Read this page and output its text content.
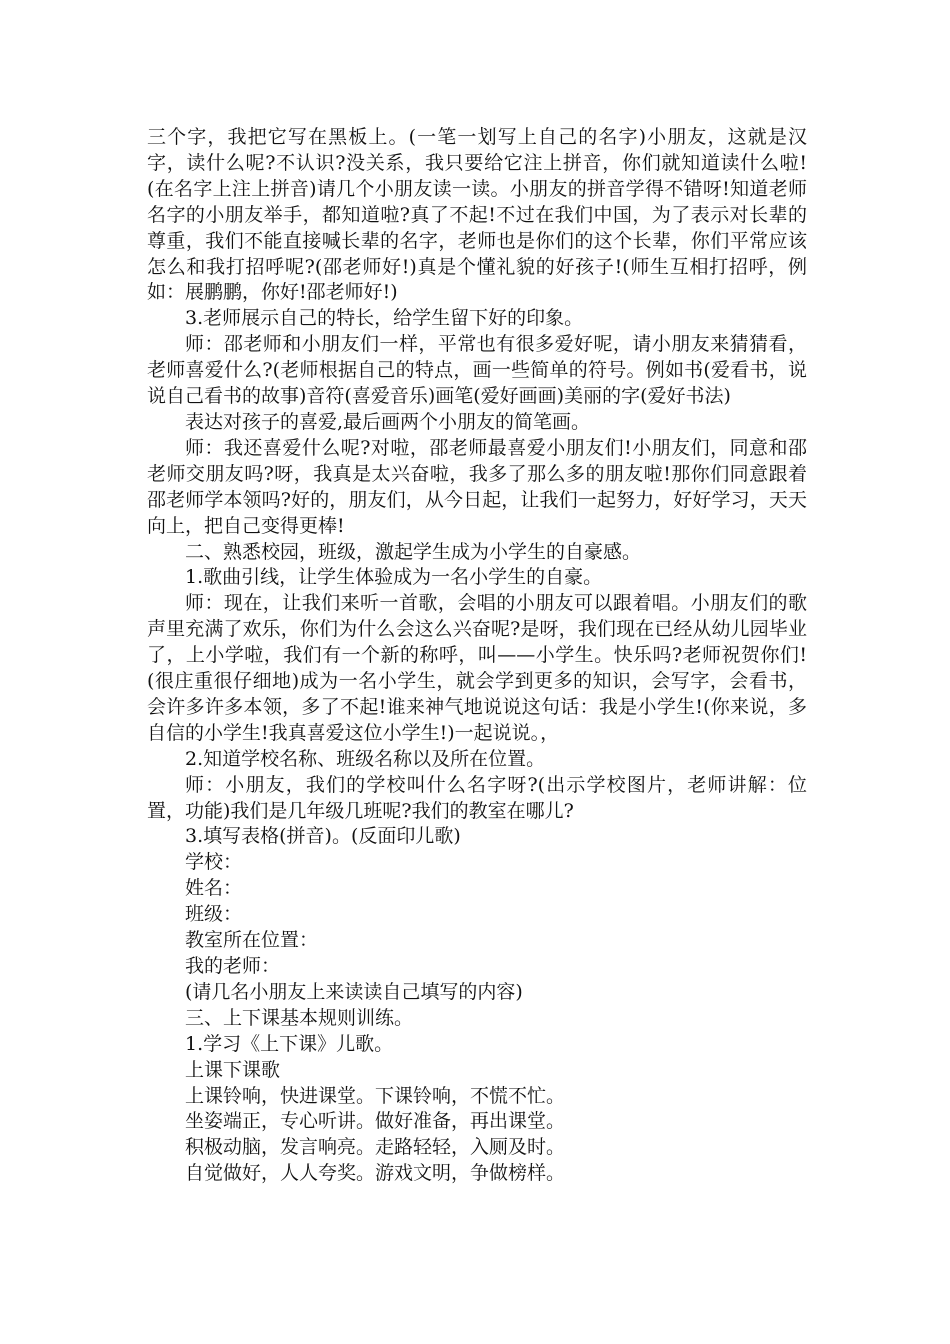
三个字，我把它写在黑板上。(一笔一划写上自己的名字)小朋友，这就是汉字，读什么呢?不认识?没关系，我只要给它注上拼音，你们就知道读什么啦!(在名字上注上拼音)请几个小朋友读一读。小朋友的拼音学得不错呀!知道老师名字的小朋友举手，都知道啦?真了不起!不过在我们中国，为了表示对长辈的尊重，我们不能直接喊长辈的名字，老师也是你们的这个长辈，你们平常应该怎么和我打招呼呢?(邵老师好!)真是个懂礼貌的好孩子!(师生互相打招呼，例如：展鹏鹏，你好!邵老师好!)

3.老师展示自己的特长，给学生留下好的印象。

师：邵老师和小朋友们一样，平常也有很多爱好呢，请小朋友来猜猜看，老师喜爱什么?(老师根据自己的特点，画一些简单的符号。例如书(爱看书，说说自己看书的故事)音符(喜爱音乐)画笔(爱好画画)美丽的字(爱好书法)

表达对孩子的喜爱,最后画两个小朋友的简笔画。

师：我还喜爱什么呢?对啦，邵老师最喜爱小朋友们!小朋友们，同意和邵老师交朋友吗?呀，我真是太兴奋啦，我多了那么多的朋友啦!那你们同意跟着邵老师学本领吗?好的，朋友们，从今日起，让我们一起努力，好好学习，天天向上，把自己变得更棒!

二、熟悉校园，班级，激起学生成为小学生的自豪感。

1.歌曲引线，让学生体验成为一名小学生的自豪。

师：现在，让我们来听一首歌，会唱的小朋友可以跟着唱。小朋友们的歌声里充满了欢乐，你们为什么会这么兴奋呢?是呀，我们现在已经从幼儿园毕业了，上小学啦，我们有一个新的称呼，叫——小学生。快乐吗?老师祝贺你们!(很庄重很仔细地)成为一名小学生，就会学到更多的知识，会写字，会看书，会许多许多本领，多了不起!谁来神气地说说这句话：我是小学生!(你来说，多自信的小学生!我真喜爱这位小学生!)一起说说。，

2.知道学校名称、班级名称以及所在位置。

师：小朋友，我们的学校叫什么名字呀?(出示学校图片，老师讲解：位置，功能)我们是几年级几班呢?我们的教室在哪儿?

3.填写表格(拼音)。(反面印儿歌)

学校：

姓名：

班级：

教室所在位置：

我的老师：

(请几名小朋友上来读读自己填写的内容)

三、上下课基本规则训练。

1.学习《上下课》儿歌。

上课下课歌

上课铃响，快进课堂。下课铃响，不慌不忙。

坐姿端正，专心听讲。做好准备，再出课堂。

积极动脑，发言响亮。走路轻轻，入厕及时。

自觉做好，人人夸奖。游戏文明，争做榜样。
